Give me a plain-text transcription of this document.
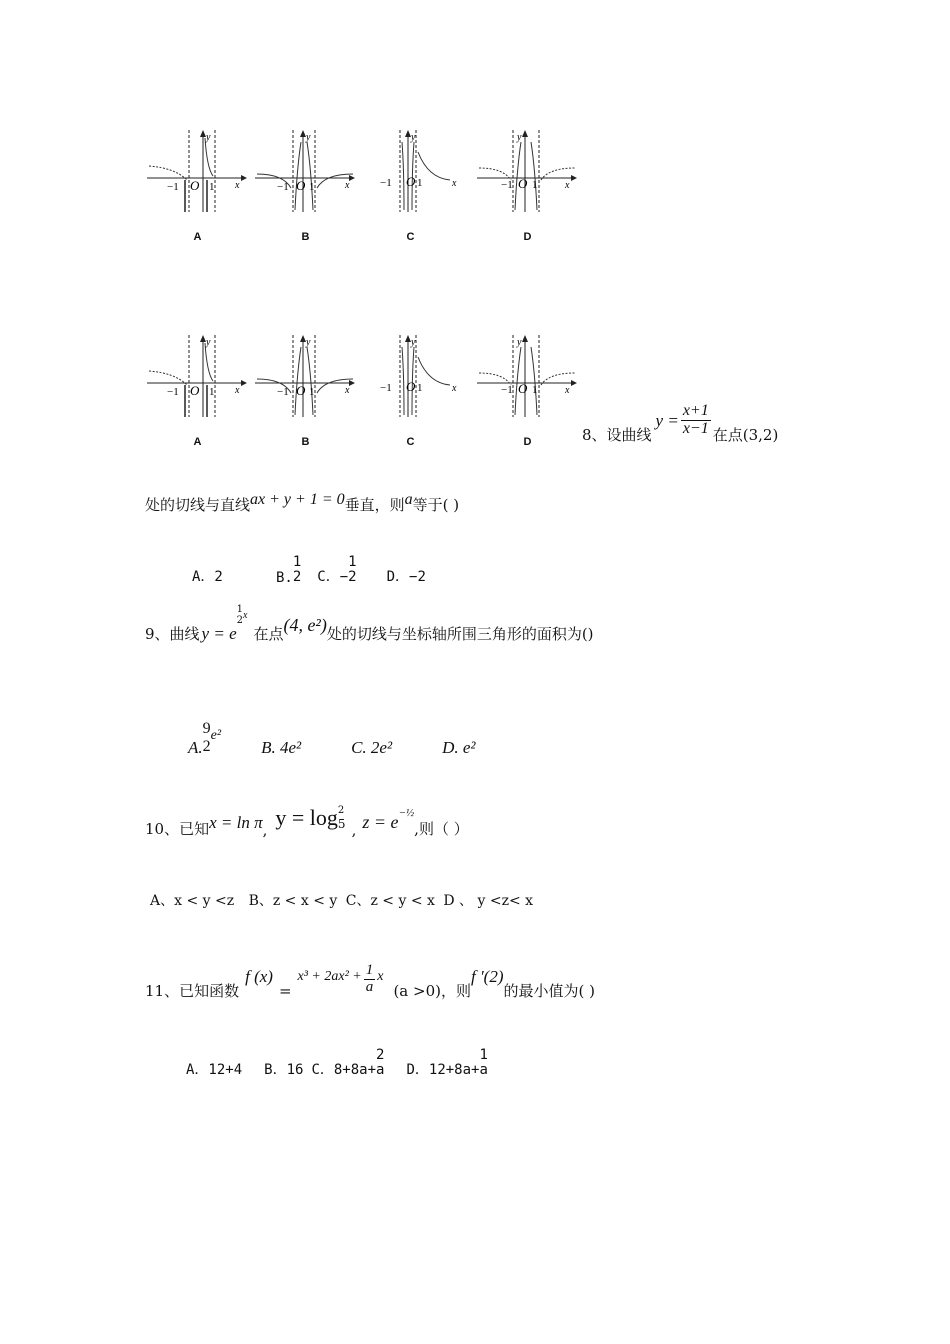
−1 O 1 x
y
A
−1 O 1	x
y
B
−1 O 1	x
y
C
−1 O 1	x
y
D
−1 O 1 x
y
A
−1 O 1	x
y
B
−1 O 1	x
y
C
−1 O 1	x
y
D	8、设曲线
$y = \frac{x+1}{x-1}$ 在点(3,2)
处的切线与直线ax + y + 1 = 0垂直，则a等于( )
A．2	B.
1
2 C．−
1
2 D．−2
9、曲线 y = e
1
2 x
在点 (4, e²) 处的切线与坐标轴所围三角形的面积为()
A.
9
2
e²
B. 4e²	C. 2e²	D. e²
10、已知 x = ln π , y = log 2
5 , z = e −½
,则（ ）
A、x < y <z B、z < x < y C、z < y < x D 、 y <z< x
11、已知函数
f (x)
=
$x^3 + 2ax^2 + \frac{1}{a}$ x
(a >0)，则
f ′(2)
的最小值为( )
A．12+4 B．16 C．8+8a+
2
a D．12+8a+
1
a
